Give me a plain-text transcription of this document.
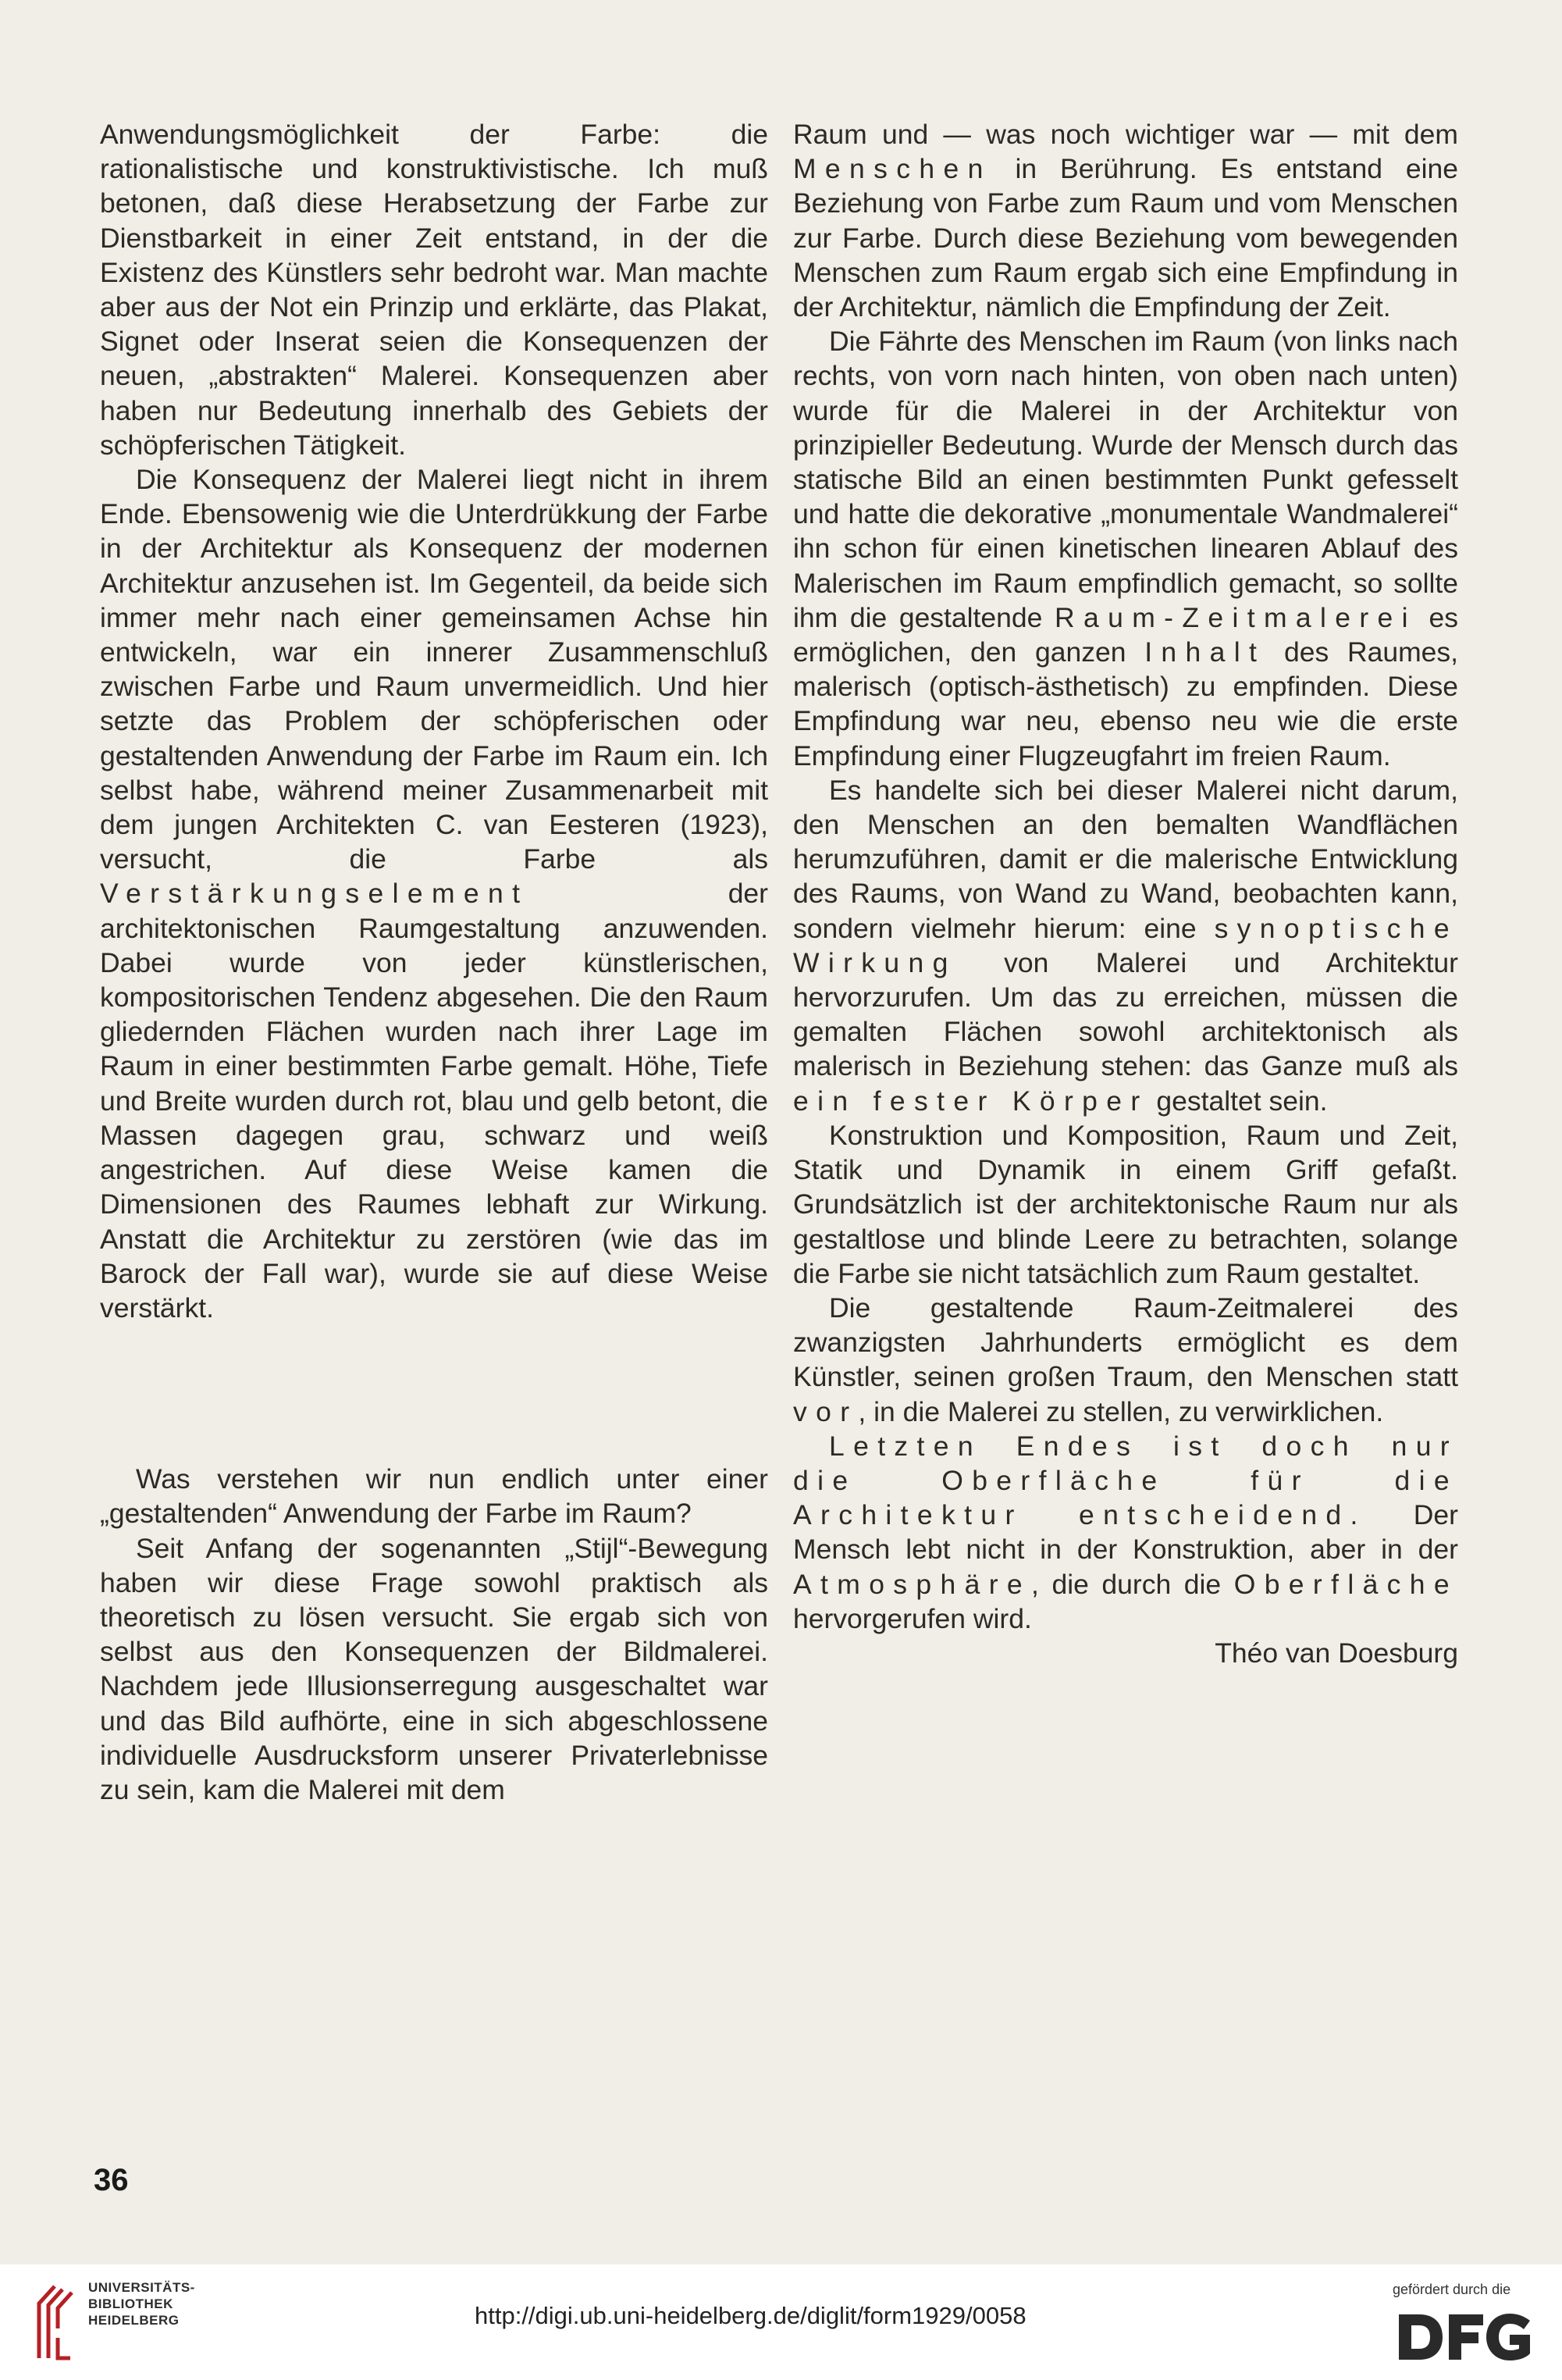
Anwendungsmöglichkeit der Farbe: die rationalistische und konstruktivistische. Ich muß betonen, daß diese Herabsetzung der Farbe zur Dienstbarkeit in einer Zeit entstand, in der die Existenz des Künstlers sehr bedroht war. Man machte aber aus der Not ein Prinzip und erklärte, das Plakat, Signet oder Inserat seien die Konsequenzen der neuen, „abstrakten“ Malerei. Konsequenzen aber haben nur Bedeutung innerhalb des Gebiets der schöpferischen Tätigkeit.

Die Konsequenz der Malerei liegt nicht in ihrem Ende. Ebensowenig wie die Unterdrükkung der Farbe in der Architektur als Konsequenz der modernen Architektur anzusehen ist. Im Gegenteil, da beide sich immer mehr nach einer gemeinsamen Achse hin entwickeln, war ein innerer Zusammenschluß zwischen Farbe und Raum unvermeidlich. Und hier setzte das Problem der schöpferischen oder gestaltenden Anwendung der Farbe im Raum ein. Ich selbst habe, während meiner Zusammenarbeit mit dem jungen Architekten C. van Eesteren (1923), versucht, die Farbe als Verstärkungselement der architektonischen Raumgestaltung anzuwenden. Dabei wurde von jeder künstlerischen, kompositorischen Tendenz abgesehen. Die den Raum gliedernden Flächen wurden nach ihrer Lage im Raum in einer bestimmten Farbe gemalt. Höhe, Tiefe und Breite wurden durch rot, blau und gelb betont, die Massen dagegen grau, schwarz und weiß angestrichen. Auf diese Weise kamen die Dimensionen des Raumes lebhaft zur Wirkung. Anstatt die Architektur zu zerstören (wie das im Barock der Fall war), wurde sie auf diese Weise verstärkt.

Was verstehen wir nun endlich unter einer „gestaltenden“ Anwendung der Farbe im Raum?

Seit Anfang der sogenannten „Stijl“-Bewegung haben wir diese Frage sowohl praktisch als theoretisch zu lösen versucht. Sie ergab sich von selbst aus den Konsequenzen der Bildmalerei. Nachdem jede Illusionserregung ausgeschaltet war und das Bild aufhörte, eine in sich abgeschlossene individuelle Ausdrucksform unserer Privaterlebnisse zu sein, kam die Malerei mit dem

Raum und — was noch wichtiger war — mit dem Menschen in Berührung. Es entstand eine Beziehung von Farbe zum Raum und vom Menschen zur Farbe. Durch diese Beziehung vom bewegenden Menschen zum Raum ergab sich eine Empfindung in der Architektur, nämlich die Empfindung der Zeit.

Die Fährte des Menschen im Raum (von links nach rechts, von vorn nach hinten, von oben nach unten) wurde für die Malerei in der Architektur von prinzipieller Bedeutung. Wurde der Mensch durch das statische Bild an einen bestimmten Punkt gefesselt und hatte die dekorative „monumentale Wandmalerei“ ihn schon für einen kinetischen linearen Ablauf des Malerischen im Raum empfindlich gemacht, so sollte ihm die gestaltende Raum-Zeitmalerei es ermöglichen, den ganzen Inhalt des Raumes, malerisch (optisch-ästhetisch) zu empfinden. Diese Empfindung war neu, ebenso neu wie die erste Empfindung einer Flugzeugfahrt im freien Raum.

Es handelte sich bei dieser Malerei nicht darum, den Menschen an den bemalten Wandflächen herumzuführen, damit er die malerische Entwicklung des Raums, von Wand zu Wand, beobachten kann, sondern vielmehr hierum: eine synoptische Wirkung von Malerei und Architektur hervorzurufen. Um das zu erreichen, müssen die gemalten Flächen sowohl architektonisch als malerisch in Beziehung stehen: das Ganze muß als ein fester Körper gestaltet sein.

Konstruktion und Komposition, Raum und Zeit, Statik und Dynamik in einem Griff gefaßt. Grundsätzlich ist der architektonische Raum nur als gestaltlose und blinde Leere zu betrachten, solange die Farbe sie nicht tatsächlich zum Raum gestaltet.

Die gestaltende Raum-Zeitmalerei des zwanzigsten Jahrhunderts ermöglicht es dem Künstler, seinen großen Traum, den Menschen statt vor, in die Malerei zu stellen, zu verwirklichen.

Letzten Endes ist doch nur die Oberfläche für die Architektur entscheidend. Der Mensch lebt nicht in der Konstruktion, aber in der Atmosphäre, die durch die Oberfläche hervorgerufen wird.

Théo van Doesburg

36
UNIVERSITÄTS-
BIBLIOTHEK
HEIDELBERG	http://digi.ub.uni-heidelberg.de/diglit/form1929/0058
gefördert durch die
